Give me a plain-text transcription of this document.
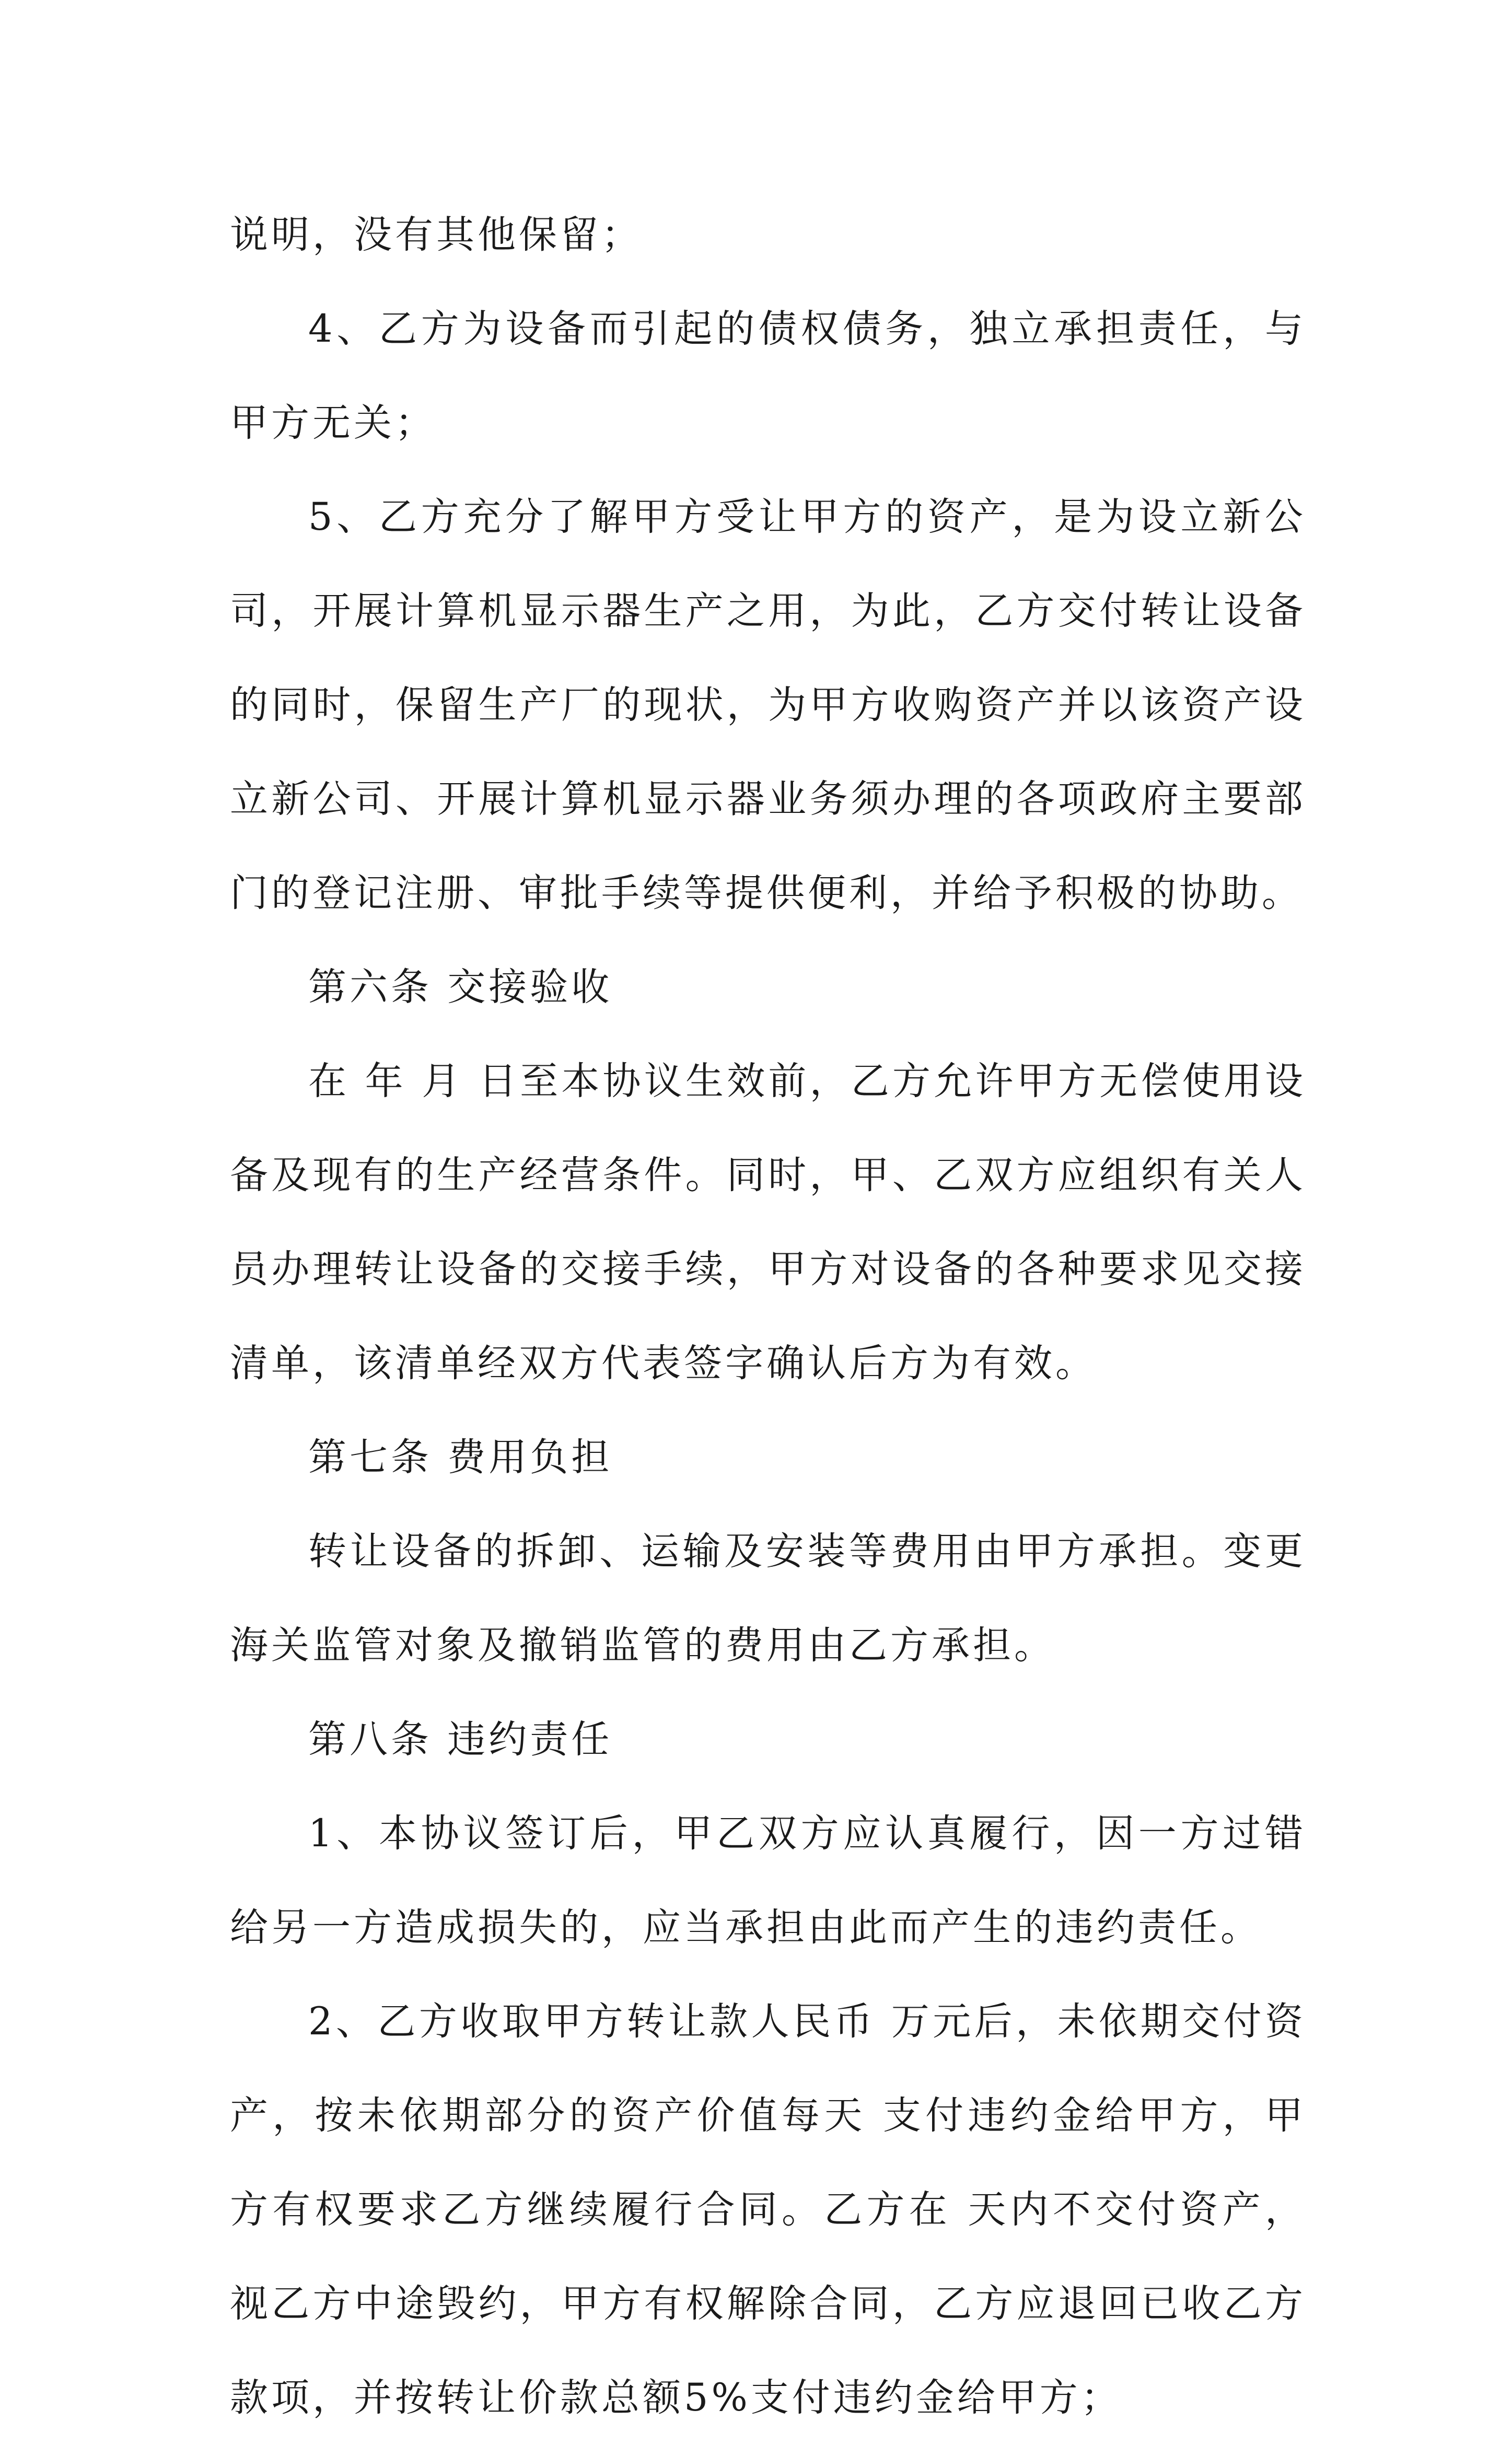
说明，没有其他保留；

4、乙方为设备而引起的债权债务，独立承担责任，与甲方无关；

5、乙方充分了解甲方受让甲方的资产，是为设立新公司，开展计算机显示器生产之用，为此，乙方交付转让设备的同时，保留生产厂的现状，为甲方收购资产并以该资产设立新公司、开展计算机显示器业务须办理的各项政府主要部门的登记注册、审批手续等提供便利，并给予积极的协助。

第六条 交接验收

在 年 月 日至本协议生效前，乙方允许甲方无偿使用设备及现有的生产经营条件。同时，甲、乙双方应组织有关人员办理转让设备的交接手续，甲方对设备的各种要求见交接清单，该清单经双方代表签字确认后方为有效。

第七条 费用负担

转让设备的拆卸、运输及安装等费用由甲方承担。变更海关监管对象及撤销监管的费用由乙方承担。

第八条 违约责任

1、本协议签订后，甲乙双方应认真履行，因一方过错给另一方造成损失的，应当承担由此而产生的违约责任。

2、乙方收取甲方转让款人民币 万元后，未依期交付资产，按未依期部分的资产价值每天 支付违约金给甲方，甲方有权要求乙方继续履行合同。乙方在 天内不交付资产，视乙方中途毁约，甲方有权解除合同，乙方应退回已收乙方款项，并按转让价款总额5%支付违约金给甲方；
